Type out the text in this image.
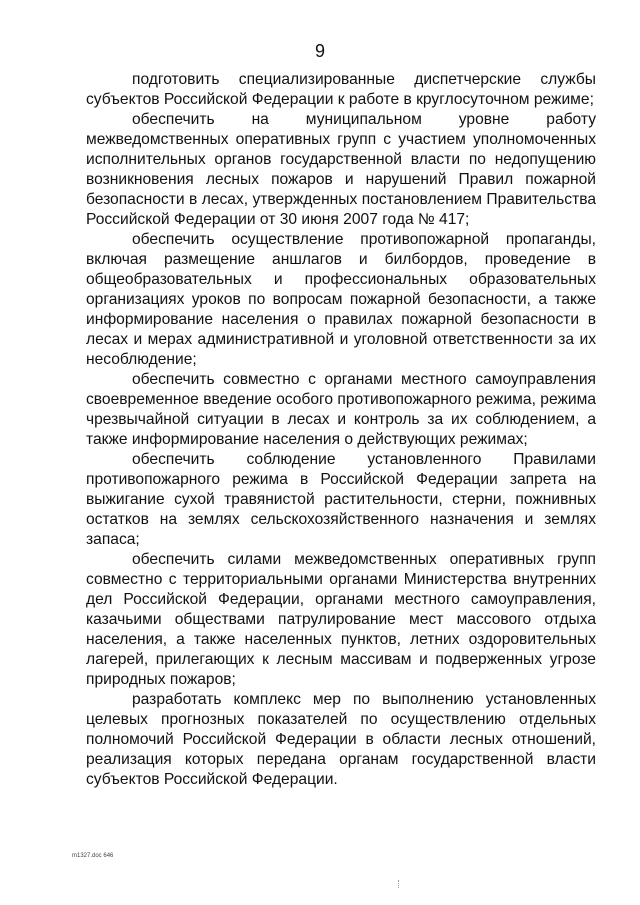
9

подготовить специализированные диспетчерские службы субъектов Российской Федерации к работе в круглосуточном режиме;

обеспечить на муниципальном уровне работу межведомственных оперативных групп с участием уполномоченных исполнительных органов государственной власти по недопущению возникновения лесных пожаров и нарушений Правил пожарной безопасности в лесах, утвержденных постановлением Правительства Российской Федерации от 30 июня 2007 года № 417;

обеспечить осуществление противопожарной пропаганды, включая размещение аншлагов и билбордов, проведение в общеобразовательных и профессиональных образовательных организациях уроков по вопросам пожарной безопасности, а также информирование населения о правилах пожарной безопасности в лесах и мерах административной и уголовной ответственности за их несоблюдение;

обеспечить совместно с органами местного самоуправления своевременное введение особого противопожарного режима, режима чрезвычайной ситуации в лесах и контроль за их соблюдением, а также информирование населения о действующих режимах;

обеспечить соблюдение установленного Правилами противопожарного режима в Российской Федерации запрета на выжигание сухой травянистой растительности, стерни, пожнивных остатков на землях сельскохозяйственного назначения и землях запаса;

обеспечить силами межведомственных оперативных групп совместно с территориальными органами Министерства внутренних дел Российской Федерации, органами местного самоуправления, казачьими обществами патрулирование мест массового отдыха населения, а также населенных пунктов, летних оздоровительных лагерей, прилегающих к лесным массивам и подверженных угрозе природных пожаров;

разработать комплекс мер по выполнению установленных целевых прогнозных показателей по осуществлению отдельных полномочий Российской Федерации в области лесных отношений, реализация которых передана органам государственной власти субъектов Российской Федерации.

m1327.doc 646
